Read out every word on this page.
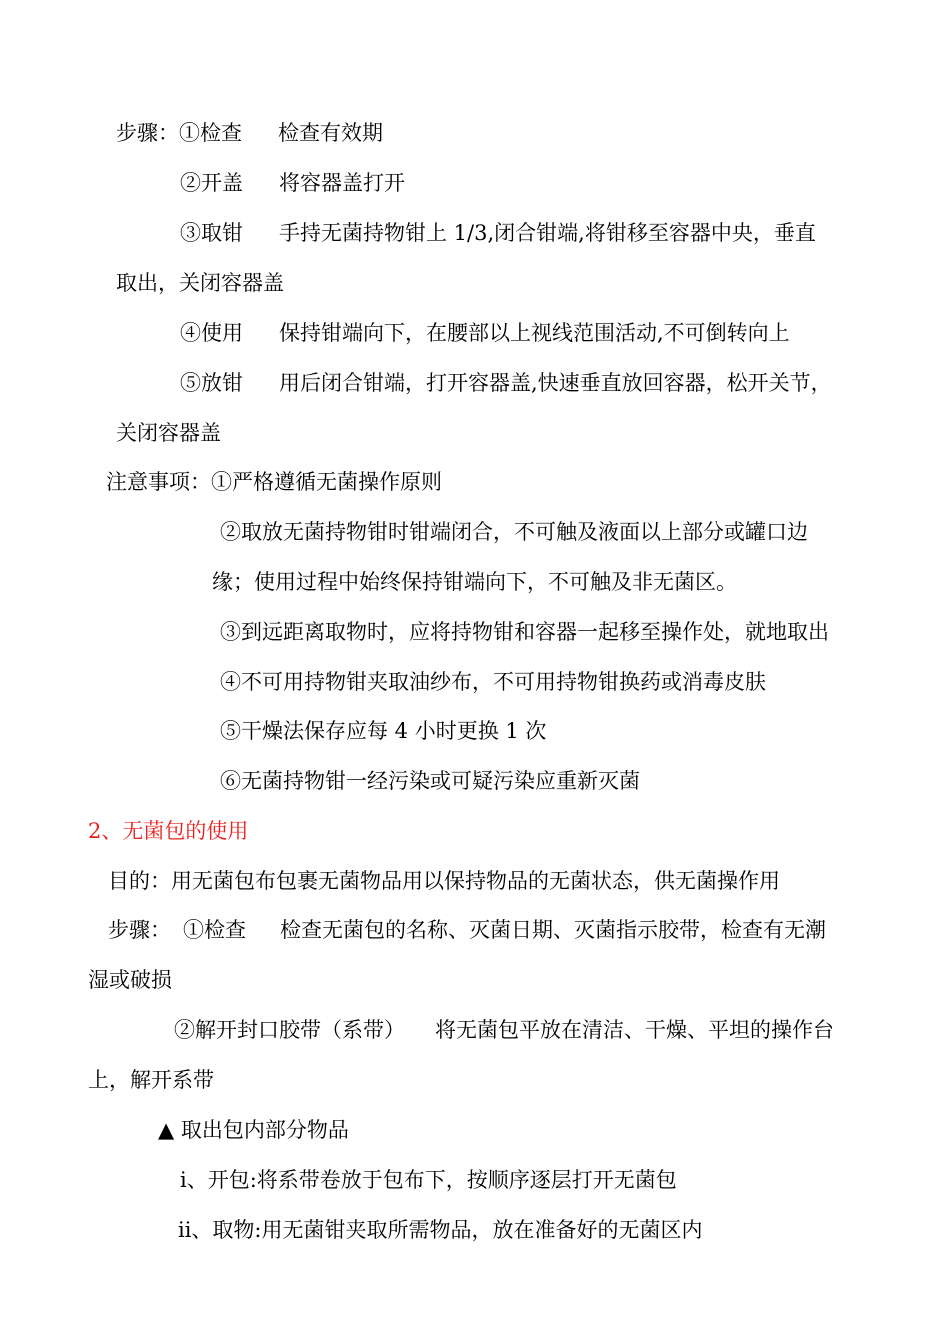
步骤：①检查 检查有效期
②开盖 将容器盖打开
③取钳 手持无菌持物钳上 1/3,闭合钳端,将钳移至容器中央，垂直
取出，关闭容器盖
④使用 保持钳端向下，在腰部以上视线范围活动,不可倒转向上
⑤放钳 用后闭合钳端，打开容器盖,快速垂直放回容器，松开关节，
关闭容器盖
注意事项：①严格遵循无菌操作原则
②取放无菌持物钳时钳端闭合，不可触及液面以上部分或罐口边
缘；使用过程中始终保持钳端向下，不可触及非无菌区。
③到远距离取物时，应将持物钳和容器一起移至操作处，就地取出
④不可用持物钳夹取油纱布，不可用持物钳换药或消毒皮肤
⑤干燥法保存应每 4 小时更换 1 次
⑥无菌持物钳一经污染或可疑污染应重新灭菌
2、无菌包的使用
目的：用无菌包布包裹无菌物品用以保持物品的无菌状态，供无菌操作用
步骤： ①检查 检查无菌包的名称、灭菌日期、灭菌指示胶带，检查有无潮
湿或破损
②解开封口胶带（系带） 将无菌包平放在清洁、干燥、平坦的操作台
上，解开系带
▲ 取出包内部分物品
ⅰ、开包:将系带卷放于包布下，按顺序逐层打开无菌包
ⅱ、取物:用无菌钳夹取所需物品，放在准备好的无菌区内
